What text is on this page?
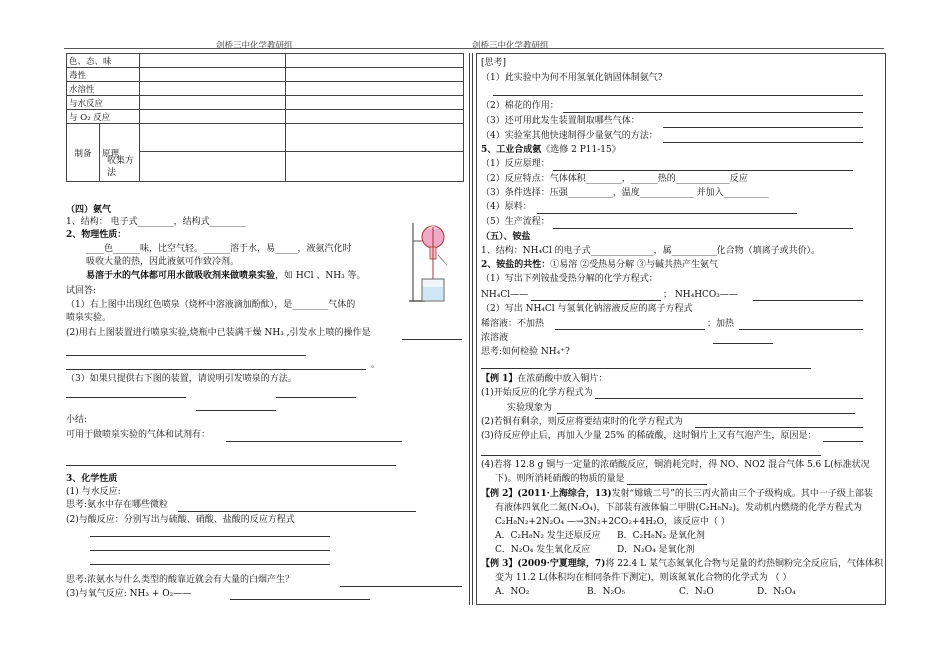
剑桥三中化学教研组	剑桥三中化学教研组
色、态、味		
毒性		
水溶性		
与水反应		
与 O₂ 反应		

制备	原理

收集方法
（四）氨气
1、结构： 电子式________，结构式________
2、物理性质：
____色______味，比空气轻。______溶于水，易_____，液氨汽化时
吸收大量的热，因此液氨可作致冷剂。
易溶于水的气体都可用水做吸收剂来做喷泉实验，如 HCl 、NH₃ 等。
试回答:
（1）右上图中出现红色喷泉（烧杯中溶液滴加酚酞），是________气体的
喷泉实验。
(2)用右上图装置进行喷泉实验,烧瓶中已装满干燥 NH₃ ,引发水上喷的操作是
。
（3）如果只提供右下图的装置，请说明引发喷泉的方法。
小结:
可用于做喷泉实验的气体和试剂有：
3、化学性质
(1) 与水反应:
思考:氨水中存在哪些微粒
(2)与酸反应：分别写出与硫酸、硝酸、盐酸的反应方程式
思考:浓氨水与什么类型的酸靠近就会有大量的白烟产生？
(3)与氧气反应: NH₃ + O₂——
[思考]
（1）此实验中为何不用氢氧化钠固体制氨气?
（2）棉花的作用：
（3）还可用此发生装置制取哪些气体：
（4）实验室其他快速制得少量氨气的方法：
5、工业合成氨《选修 2 P11-15》
（1）反应原理：
（2）反应特点：气体体积________，______热的____________反应
（3）条件选择：压强__________，温度____________ 并加入__________
（4）原料：
（5）生产流程：
（五）、铵盐
1、结构：NH₄Cl 的电子式______________，属__________化合物（填离子或共价）。
2、铵盐的共性：①易溶 ②受热易分解 ③与碱共热产生氨气
（1）写出下列铵盐受热分解的化学方程式：
NH₄Cl——	； NH₄HCO₃——
（2）写出 NH₄Cl 与氢氧化钠溶液反应的离子方程式
稀溶液：不加热	；加热
浓溶液
思考:如何检验 NH₄⁺?
【例 1】在浓硝酸中放入铜片：
(1)开始反应的化学方程式为
实验现象为
(2)若铜有剩余，则反应将要结束时的化学方程式为
(3)待反应停止后，再加入少量 25% 的稀硫酸，这时铜片上又有气泡产生，原因是：
(4)若将 12.8 g 铜与一定量的浓硝酸反应，铜消耗完时，得 NO、NO2 混合气体 5.6 L(标准状况
下)。则所消耗硝酸的物质的量是
【例 2】(2011·上海综合，13)发射“嫦娥二号”的长三丙火箭由三个子级构成。其中一子级上部装
有液体四氧化二氮(N₂O₄)，下部装有液体偏二甲肼(C₂H₈N₂)。发动机内燃烧的化学方程式为
C₂H₈N₂+2N₂O₄ —→3N₂+2CO₂+4H₂O，该反应中（ ）
A．C₂H₈N₂ 发生还原反应 B．C₂H₈N₂ 是氧化剂
C．N₂O₄ 发生氧化反应	D．N₂O₄ 是氧化剂
【例 3】(2009·宁夏理综，7)将 22.4 L 某气态氮氧化合物与足量的灼热铜粉完全反应后，气体体积
变为 11.2 L(体积均在相同条件下测定)，则该氮氧化合物的化学式为 （ ）
A．NO₂	B．N₂O₅	C．N₂O	D．N₂O₄
